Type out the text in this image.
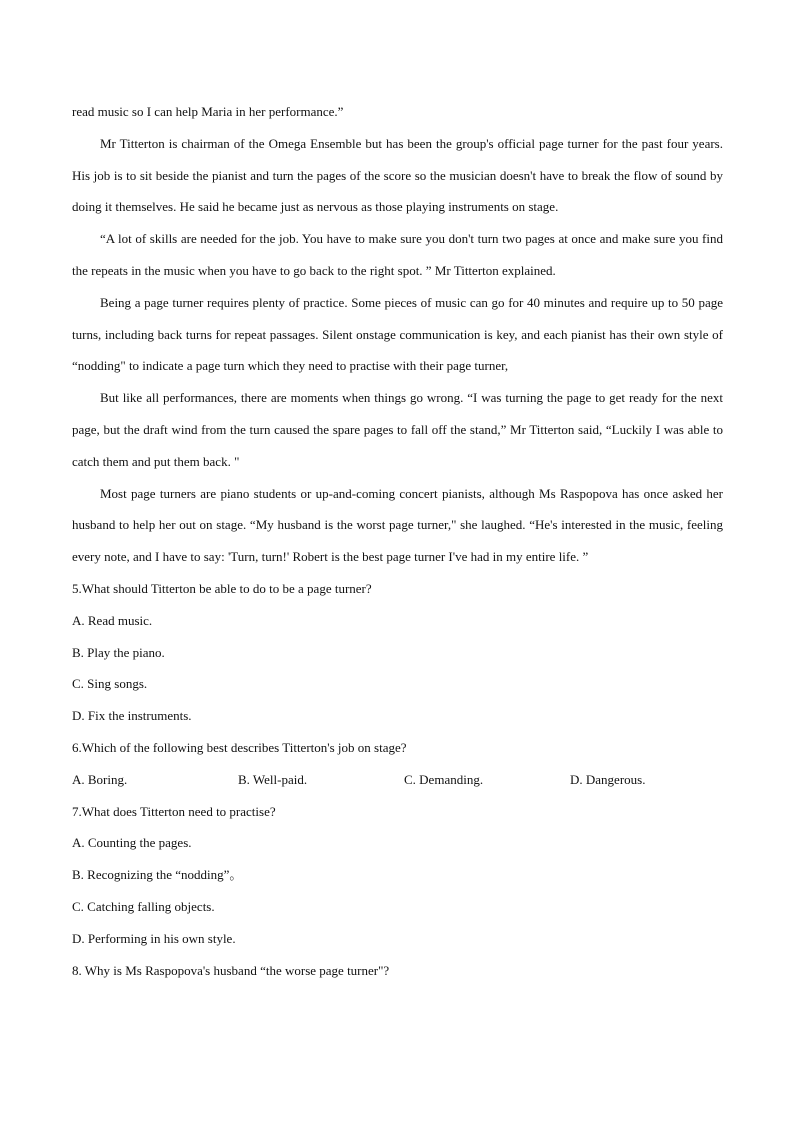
read music so I can help Maria in her performance.”

Mr Titterton is chairman of the Omega Ensemble but has been the group's official page turner for the past four years. His job is to sit beside the pianist and turn the pages of the score so the musician doesn't have to break the flow of sound by doing it themselves. He said he became just as nervous as those playing instruments on stage.

“A lot of skills are needed for the job. You have to make sure you don't turn two pages at once and make sure you find the repeats in the music when you have to go back to the right spot. ” Mr Titterton explained.

Being a page turner requires plenty of practice. Some pieces of music can go for 40 minutes and require up to 50 page turns, including back turns for repeat passages. Silent onstage communication is key, and each pianist has their own style of “nodding" to indicate a page turn which they need to practise with their page turner,

But like all performances, there are moments when things go wrong. “I was turning the page to get ready for the next page, but the draft wind from the turn caused the spare pages to fall off the stand,” Mr Titterton said, “Luckily I was able to catch them and put them back. "

Most page turners are piano students or up-and-coming concert pianists, although Ms Raspopova has once asked her husband to help her out on stage. “My husband is the worst page turner," she laughed. “He's interested in the music, feeling every note, and I have to say: 'Turn, turn!' Robert is the best page turner I've had in my entire life. ”

5.What should Titterton be able to do to be a page turner?

A. Read music.

B. Play the piano.

C. Sing songs.

D. Fix the instruments.

6.Which of the following best describes Titterton's job on stage?

A. Boring.	B. Well-paid.	C. Demanding.	D. Dangerous.

7.What does Titterton need to practise?

A. Counting the pages.

B. Recognizing the “nodding”。

C. Catching falling objects.

D. Performing in his own style.

8. Why is Ms Raspopova's husband “the worse page turner"?
